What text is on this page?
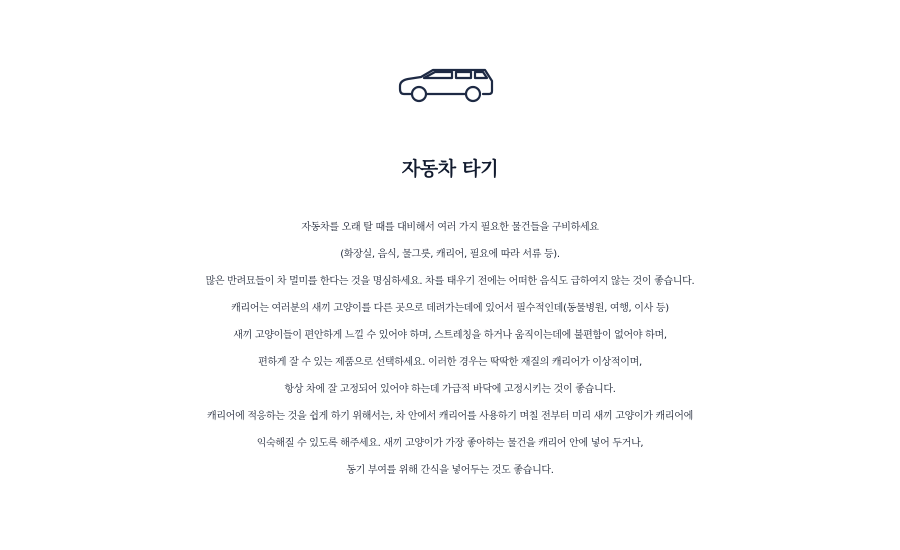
자동차 타기
자동차를 오래 탈 때를 대비해서 여러 가지 필요한 물건들을 구비하세요
(화장실, 음식, 물그릇, 캐리어, 필요에 따라 서류 등).
많은 반려묘들이 차 멀미를 한다는 것을 명심하세요. 차를 태우기 전에는 어떠한 음식도 급하여지 않는 것이 좋습니다.
캐리어는 여러분의 새끼 고양이를 다른 곳으로 데려가는데에 있어서 필수적인데(동물병원, 여행, 이사 등)
새끼 고양이들이 편안하게 느낄 수 있어야 하며, 스트레칭을 하거나 움직이는데에 불편함이 없어야 하며,
편하게 잘 수 있는 제품으로 선택하세요. 이러한 경우는 딱딱한 재질의 캐리어가 이상적이며,
항상 차에 잘 고정되어 있어야 하는데 가급적 바닥에 고정시키는 것이 좋습니다.
캐리어에 적응하는 것을 쉽게 하기 위해서는, 차 안에서 캐리어를 사용하기 며칠 전부터 미리 새끼 고양이가 캐리어에
익숙해질 수 있도록 해주세요. 새끼 고양이가 가장 좋아하는 물건을 캐리어 안에 넣어 두거나,
동기 부여를 위해 간식을 넣어두는 것도 좋습니다.
